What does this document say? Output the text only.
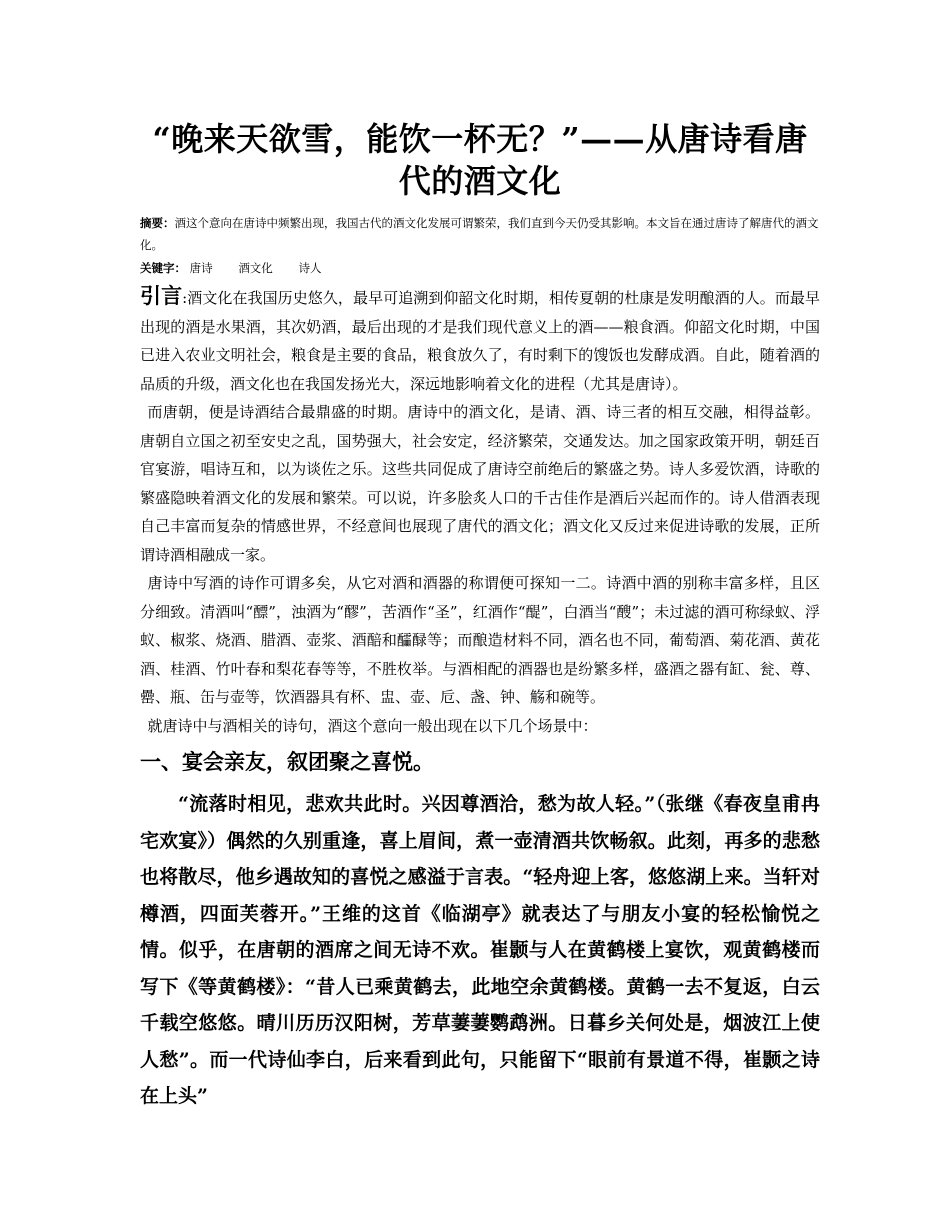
“晚来天欲雪，能饮一杯无？”——从唐诗看唐代的酒文化

摘要：酒这个意向在唐诗中频繁出现，我国古代的酒文化发展可谓繁荣，我们直到今天仍受其影响。本文旨在通过唐诗了解唐代的酒文化。

关键字： 唐诗 酒文化 诗人

引言:酒文化在我国历史悠久，最早可追溯到仰韶文化时期，相传夏朝的杜康是发明酿酒的人。而最早出现的酒是水果酒，其次奶酒，最后出现的才是我们现代意义上的酒——粮食酒。仰韶文化时期，中国已进入农业文明社会，粮食是主要的食品，粮食放久了，有时剩下的馊饭也发酵成酒。自此，随着酒的品质的升级，酒文化也在我国发扬光大，深远地影响着文化的进程（尤其是唐诗）。

而唐朝，便是诗酒结合最鼎盛的时期。唐诗中的酒文化，是请、酒、诗三者的相互交融，相得益彰。唐朝自立国之初至安史之乱，国势强大，社会安定，经济繁荣，交通发达。加之国家政策开明，朝廷百官宴游，唱诗互和，以为谈佐之乐。这些共同促成了唐诗空前绝后的繁盛之势。诗人多爱饮酒，诗歌的繁盛隐映着酒文化的发展和繁荣。可以说，许多脍炙人口的千古佳作是酒后兴起而作的。诗人借酒表现自己丰富而复杂的情感世界，不经意间也展现了唐代的酒文化；酒文化又反过来促进诗歌的发展，正所谓诗酒相融成一家。

唐诗中写酒的诗作可谓多矣，从它对酒和酒器的称谓便可探知一二。诗酒中酒的别称丰富多样，且区分细致。清酒叫“醥”，浊酒为“醪”，苦酒作“圣”，红酒作“醍”，白酒当“醙”；未过滤的酒可称绿蚁、浮蚁、椒浆、烧酒、腊酒、壶浆、酒醅和醽醁等；而酿造材料不同，酒名也不同，葡萄酒、菊花酒、黄花酒、桂酒、竹叶春和梨花春等等，不胜枚举。与酒相配的酒器也是纷繁多样，盛酒之器有缸、瓮、尊、罍、瓶、缶与壶等，饮酒器具有杯、盅、壶、卮、盏、钟、觞和碗等。

就唐诗中与酒相关的诗句，酒这个意向一般出现在以下几个场景中：

一、宴会亲友，叙团聚之喜悦。

“流落时相见，悲欢共此时。兴因尊酒洽，愁为故人轻。”（张继《春夜皇甫冉宅欢宴》）偶然的久别重逢，喜上眉间，煮一壶清酒共饮畅叙。此刻，再多的悲愁也将散尽，他乡遇故知的喜悦之感溢于言表。“轻舟迎上客，悠悠湖上来。当轩对樽酒，四面芙蓉开。”王维的这首《临湖亭》就表达了与朋友小宴的轻松愉悦之情。似乎，在唐朝的酒席之间无诗不欢。崔颢与人在黄鹤楼上宴饮，观黄鹤楼而写下《等黄鹤楼》：“昔人已乘黄鹤去，此地空余黄鹤楼。黄鹤一去不复返，白云千载空悠悠。晴川历历汉阳树，芳草萋萋鹦鹉洲。日暮乡关何处是，烟波江上使人愁”。而一代诗仙李白，后来看到此句，只能留下“眼前有景道不得，崔颢之诗在上头”
